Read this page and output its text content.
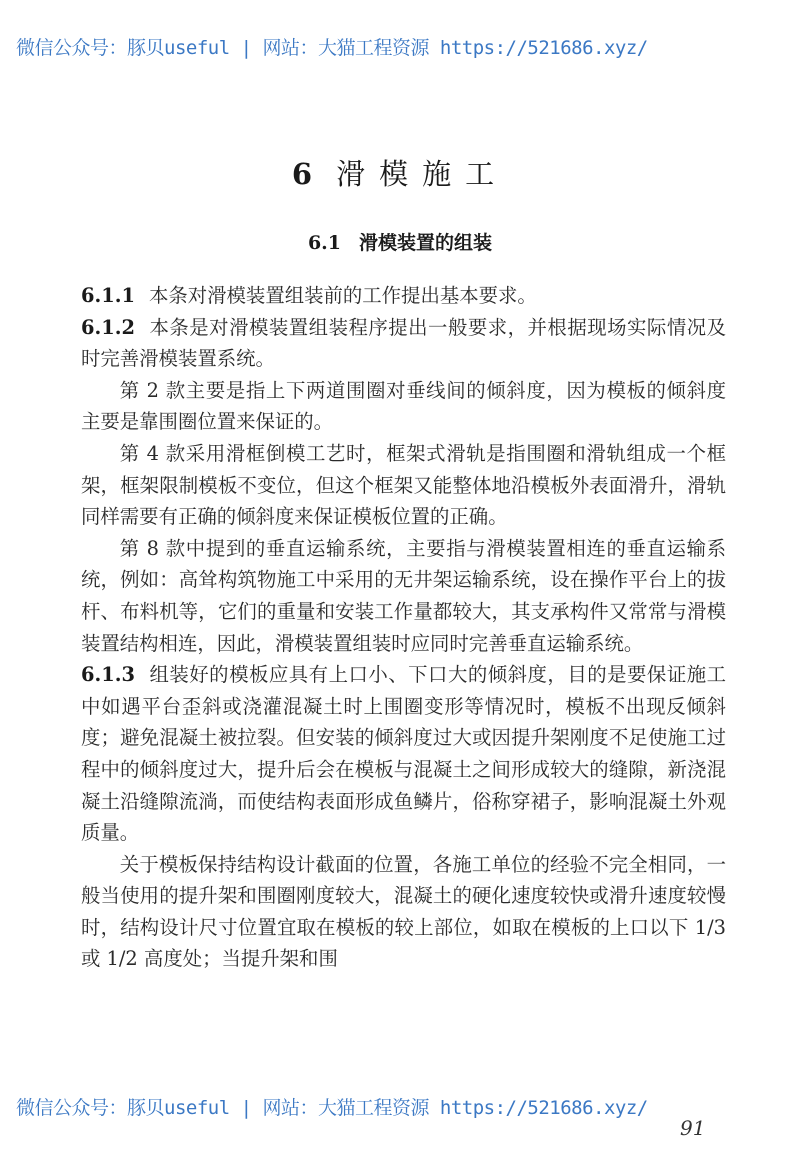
微信公众号：豚贝useful | 网站：大猫工程资源 https://521686.xyz/
6 滑模施工
6.1 滑模装置的组装

6.1.1 本条对滑模装置组装前的工作提出基本要求。

6.1.2 本条是对滑模装置组装程序提出一般要求，并根据现场实际情况及时完善滑模装置系统。

第 2 款主要是指上下两道围圈对垂线间的倾斜度，因为模板的倾斜度主要是靠围圈位置来保证的。

第 4 款采用滑框倒模工艺时，框架式滑轨是指围圈和滑轨组成一个框架，框架限制模板不变位，但这个框架又能整体地沿模板外表面滑升，滑轨同样需要有正确的倾斜度来保证模板位置的正确。

第 8 款中提到的垂直运输系统，主要指与滑模装置相连的垂直运输系统，例如：高耸构筑物施工中采用的无井架运输系统，设在操作平台上的拔杆、布料机等，它们的重量和安装工作量都较大，其支承构件又常常与滑模装置结构相连，因此，滑模装置组装时应同时完善垂直运输系统。

6.1.3 组装好的模板应具有上口小、下口大的倾斜度，目的是要保证施工中如遇平台歪斜或浇灌混凝土时上围圈变形等情况时，模板不出现反倾斜度；避免混凝土被拉裂。但安装的倾斜度过大或因提升架刚度不足使施工过程中的倾斜度过大，提升后会在模板与混凝土之间形成较大的缝隙，新浇混凝土沿缝隙流淌，而使结构表面形成鱼鳞片，俗称穿裙子，影响混凝土外观质量。

关于模板保持结构设计截面的位置，各施工单位的经验不完全相同，一般当使用的提升架和围圈刚度较大，混凝土的硬化速度较快或滑升速度较慢时，结构设计尺寸位置宜取在模板的较上部位，如取在模板的上口以下 1/3 或 1/2 高度处；当提升架和围

微信公众号：豚贝useful | 网站：大猫工程资源 https://521686.xyz/
91
